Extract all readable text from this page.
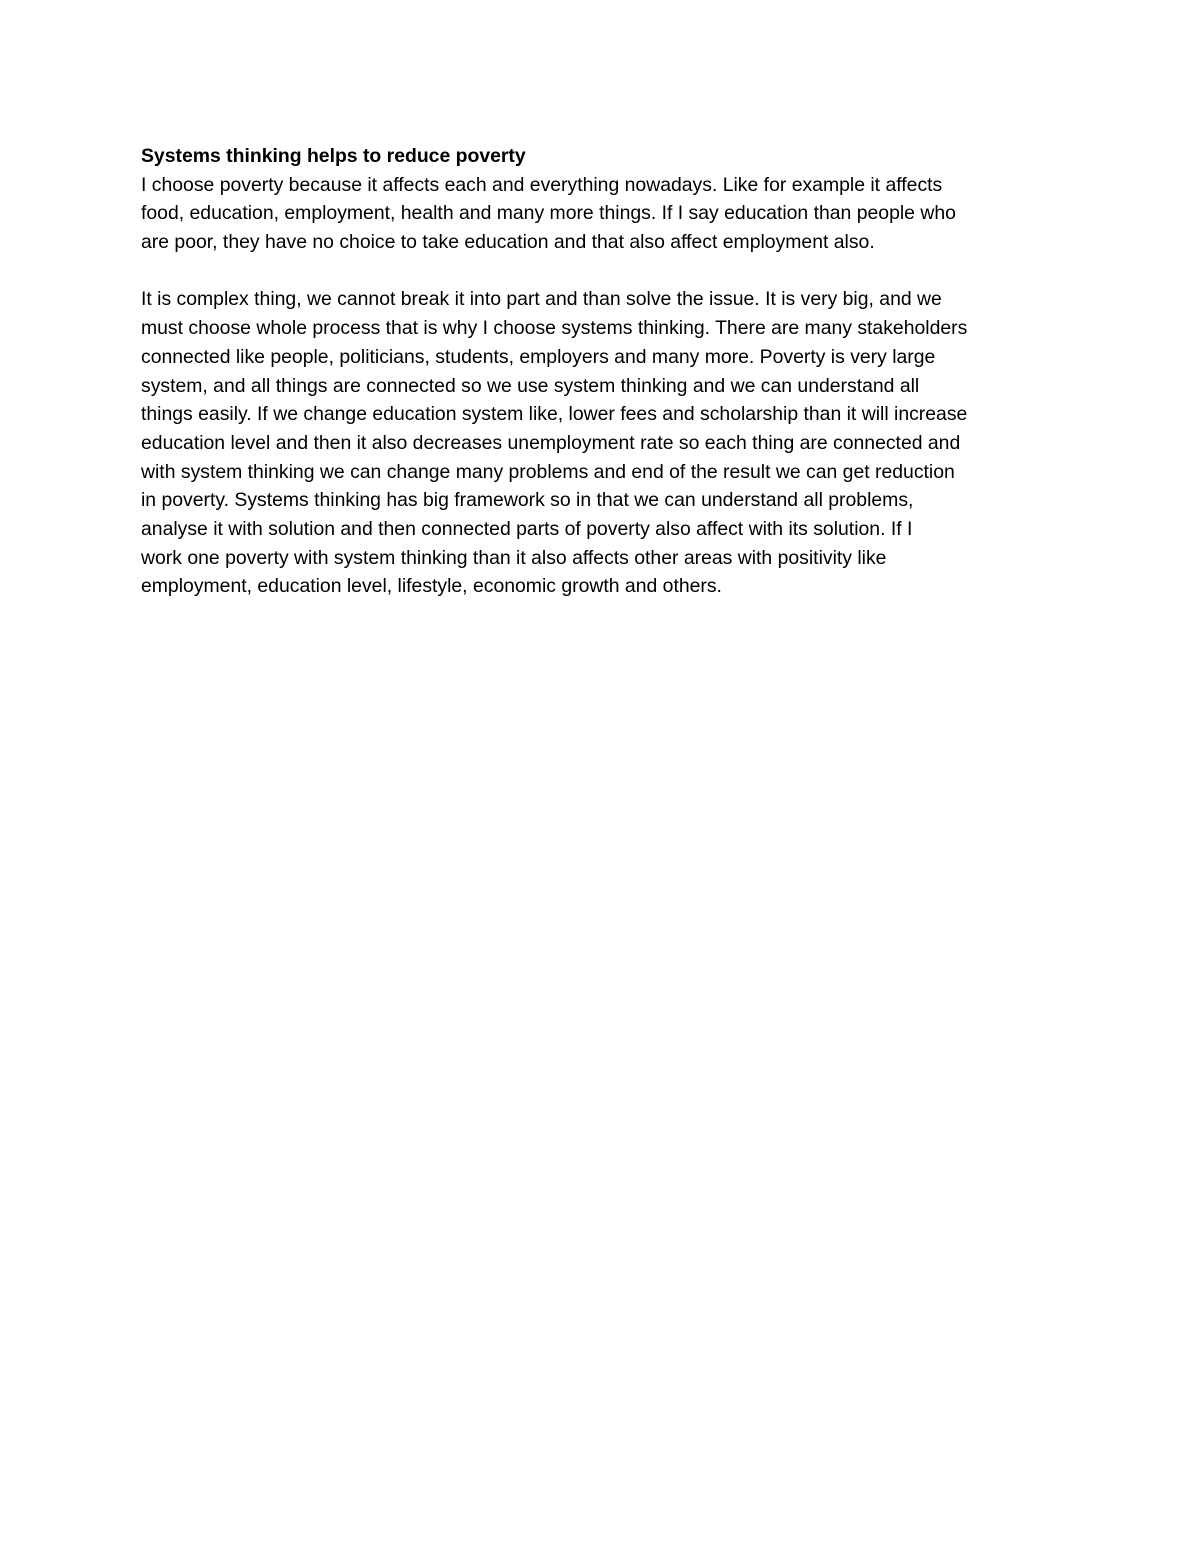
Systems thinking helps to reduce poverty
I choose poverty because it affects each and everything nowadays. Like for example it affects
food, education, employment, health and many more things. If I say education than people who
are poor, they have no choice to take education and that also affect employment also.
It is complex thing, we cannot break it into part and than solve the issue. It is very big, and we
must choose whole process that is why I choose systems thinking. There are many stakeholders
connected like people, politicians, students, employers and many more. Poverty is very large
system, and all things are connected so we use system thinking and we can understand all
things easily. If we change education system like, lower fees and scholarship than it will increase
education level and then it also decreases unemployment rate so each thing are connected and
with system thinking we can change many problems and end of the result we can get reduction
in poverty. Systems thinking has big framework so in that we can understand all problems,
analyse it with solution and then connected parts of poverty also affect with its solution. If I
work one poverty with system thinking than it also affects other areas with positivity like
employment, education level, lifestyle, economic growth and others.
